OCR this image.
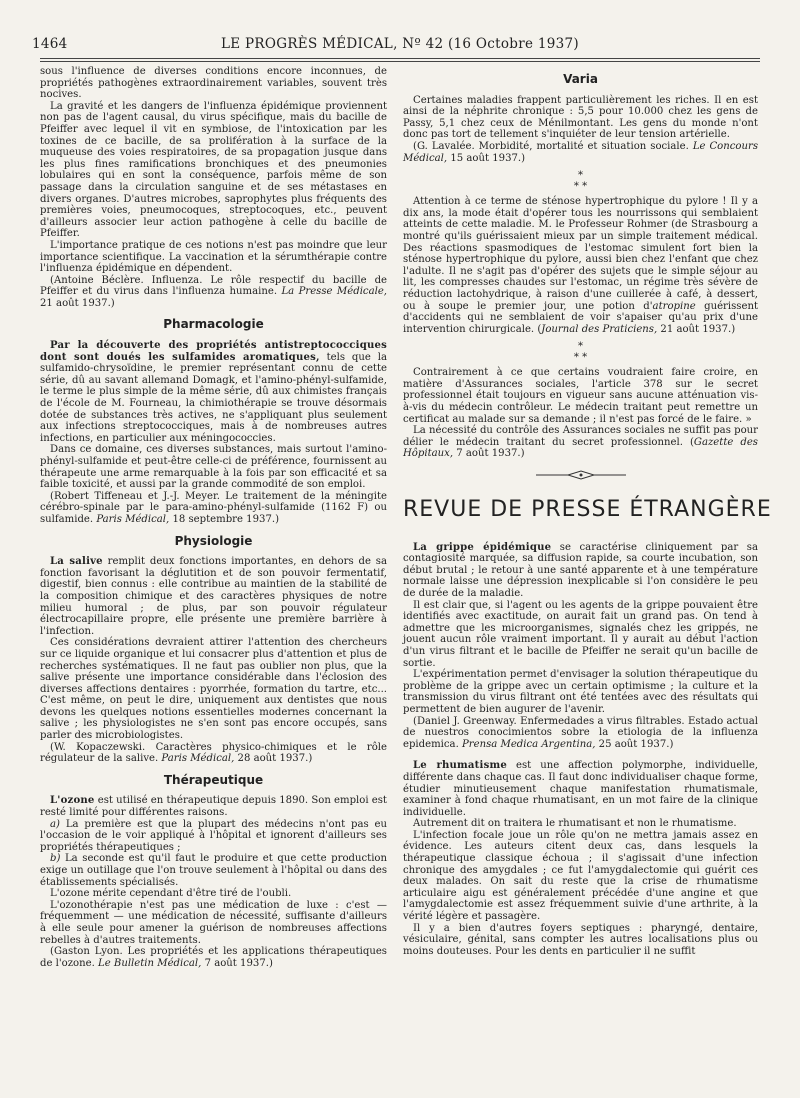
1464	LE PROGRÈS MÉDICAL, Nº 42 (16 Octobre 1937)

sous l'influence de diverses conditions encore inconnues, de propriétés pathogènes extraordinairement variables, souvent très nocives.

La gravité et les dangers de l'influenza épidémique proviennent non pas de l'agent causal, du virus spécifique, mais du bacille de Pfeiffer avec lequel il vit en symbiose, de l'intoxication par les toxines de ce bacille, de sa prolifération à la surface de la muqueuse des voies respiratoires, de sa propagation jusque dans les plus fines ramifications bronchiques et des pneumonies lobulaires qui en sont la conséquence, parfois même de son passage dans la circulation sanguine et de ses métastases en divers organes. D'autres microbes, saprophytes plus fréquents des premières voies, pneumocoques, streptocoques, etc., peuvent d'ailleurs associer leur action pathogène à celle du bacille de Pfeiffer.

L'importance pratique de ces notions n'est pas moindre que leur importance scientifique. La vaccination et la sérumthérapie contre l'influenza épidémique en dépendent.

(Antoine Béclère. Influenza. Le rôle respectif du bacille de Pfeiffer et du virus dans l'influenza humaine. La Presse Médicale, 21 août 1937.)

Pharmacologie

Par la découverte des propriétés antistreptococciques dont sont doués les sulfamides aromatiques, tels que la sulfamido-chrysoïdine, le premier représentant connu de cette série, dû au savant allemand Domagk, et l'amino-phényl-sulfamide, le terme le plus simple de la même série, dû aux chimistes français de l'école de M. Fourneau, la chimiothérapie se trouve désormais dotée de substances très actives, ne s'appliquant plus seulement aux infections streptococciques, mais à de nombreuses autres infections, en particulier aux méningococcies.

Dans ce domaine, ces diverses substances, mais surtout l'amino-phényl-sulfamide et peut-être celle-ci de préférence, fournissent au thérapeute une arme remarquable à la fois par son efficacité et sa faible toxicité, et aussi par la grande commodité de son emploi.

(Robert Tiffeneau et J.-J. Meyer. Le traitement de la méningite cérébro-spinale par le para-amino-phényl-sulfamide (1162 F) ou sulfamide. Paris Médical, 18 septembre 1937.)

Physiologie

La salive remplit deux fonctions importantes, en dehors de sa fonction favorisant la déglutition et de son pouvoir fermentatif, digestif, bien connus : elle contribue au maintien de la stabilité de la composition chimique et des caractères physiques de notre milieu humoral ; de plus, par son pouvoir régulateur électrocapillaire propre, elle présente une première barrière à l'infection.

Ces considérations devraient attirer l'attention des chercheurs sur ce liquide organique et lui consacrer plus d'attention et plus de recherches systématiques. Il ne faut pas oublier non plus, que la salive présente une importance considérable dans l'éclosion des diverses affections dentaires : pyorrhée, formation du tartre, etc... C'est même, on peut le dire, uniquement aux dentistes que nous devons les quelques notions essentielles modernes concernant la salive ; les physiologistes ne s'en sont pas encore occupés, sans parler des microbiologistes.

(W. Kopaczewski. Caractères physico-chimiques et le rôle régulateur de la salive. Paris Médical, 28 août 1937.)

Thérapeutique

L'ozone est utilisé en thérapeutique depuis 1890. Son emploi est resté limité pour différentes raisons.

a) La première est que la plupart des médecins n'ont pas eu l'occasion de le voir appliqué à l'hôpital et ignorent d'ailleurs ses propriétés thérapeutiques ;

b) La seconde est qu'il faut le produire et que cette production exige un outillage que l'on trouve seulement à l'hôpital ou dans des établissements spécialisés.

L'ozone mérite cependant d'être tiré de l'oubli.

L'ozonothérapie n'est pas une médication de luxe : c'est — fréquemment — une médication de nécessité, suffisante d'ailleurs à elle seule pour amener la guérison de nombreuses affections rebelles à d'autres traitements.

(Gaston Lyon. Les propriétés et les applications thérapeutiques de l'ozone. Le Bulletin Médical, 7 août 1937.)

Varia

Certaines maladies frappent particulièrement les riches. Il en est ainsi de la néphrite chronique : 5,5 pour 10.000 chez les gens de Passy, 5,1 chez ceux de Ménilmontant. Les gens du monde n'ont donc pas tort de tellement s'inquiéter de leur tension artérielle.

(G. Lavalée. Morbidité, mortalité et situation sociale. Le Concours Médical, 15 août 1937.)

*
* *

Attention à ce terme de sténose hypertrophique du pylore ! Il y a dix ans, la mode était d'opérer tous les nourrissons qui semblaient atteints de cette maladie. M. le Professeur Rohmer (de Strasbourg a montré qu'ils guérissaient mieux par un simple traitement médical. Des réactions spasmodiques de l'estomac simulent fort bien la sténose hypertrophique du pylore, aussi bien chez l'enfant que chez l'adulte. Il ne s'agit pas d'opérer des sujets que le simple séjour au lit, les compresses chaudes sur l'estomac, un régime très sévère de réduction lactohydrique, à raison d'une cuillerée à café, à dessert, ou à soupe le premier jour, une potion d'atropine guérissent d'accidents qui ne semblaient de voir s'apaiser qu'au prix d'une intervention chirurgicale. (Journal des Praticiens, 21 août 1937.)

*
* *

Contrairement à ce que certains voudraient faire croire, en matière d'Assurances sociales, l'article 378 sur le secret professionnel était toujours en vigueur sans aucune atténuation vis-à-vis du médecin contrôleur. Le médecin traitant peut remettre un certificat au malade sur sa demande ; il n'est pas forcé de le faire. »

La nécessité du contrôle des Assurances sociales ne suffit pas pour délier le médecin traitant du secret professionnel. (Gazette des Hôpitaux, 7 août 1937.)

REVUE DE PRESSE ÉTRANGÈRE

La grippe épidémique se caractérise cliniquement par sa contagiosité marquée, sa diffusion rapide, sa courte incubation, son début brutal ; le retour à une santé apparente et à une température normale laisse une dépression inexplicable si l'on considère le peu de durée de la maladie.

Il est clair que, si l'agent ou les agents de la grippe pouvaient être identifiés avec exactitude, on aurait fait un grand pas. On tend à admettre que les microorganismes, signalés chez les grippés, ne jouent aucun rôle vraiment important. Il y aurait au début l'action d'un virus filtrant et le bacille de Pfeiffer ne serait qu'un bacille de sortie.

L'expérimentation permet d'envisager la solution thérapeutique du problème de la grippe avec un certain optimisme ; la culture et la transmission du virus filtrant ont été tentées avec des résultats qui permettent de bien augurer de l'avenir.

(Daniel J. Greenway. Enfermedades a virus filtrables. Estado actual de nuestros conocimientos sobre la etiologia de la influenza epidemica. Prensa Medica Argentina, 25 août 1937.)

Le rhumatisme est une affection polymorphe, individuelle, différente dans chaque cas. Il faut donc individualiser chaque forme, étudier minutieusement chaque manifestation rhumatismale, examiner à fond chaque rhumatisant, en un mot faire de la clinique individuelle.

Autrement dit on traitera le rhumatisant et non le rhumatisme.

L'infection focale joue un rôle qu'on ne mettra jamais assez en évidence. Les auteurs citent deux cas, dans lesquels la thérapeutique classique échoua ; il s'agissait d'une infection chronique des amygdales ; ce fut l'amygdalectomie qui guérit ces deux malades. On sait du reste que la crise de rhumatisme articulaire aigu est généralement précédée d'une angine et que l'amygdalectomie est assez fréquemment suivie d'une arthrite, à la vérité légère et passagère.

Il y a bien d'autres foyers septiques : pharyngé, dentaire, vésiculaire, génital, sans compter les autres localisations plus ou moins douteuses. Pour les dents en particulier il ne suffit
